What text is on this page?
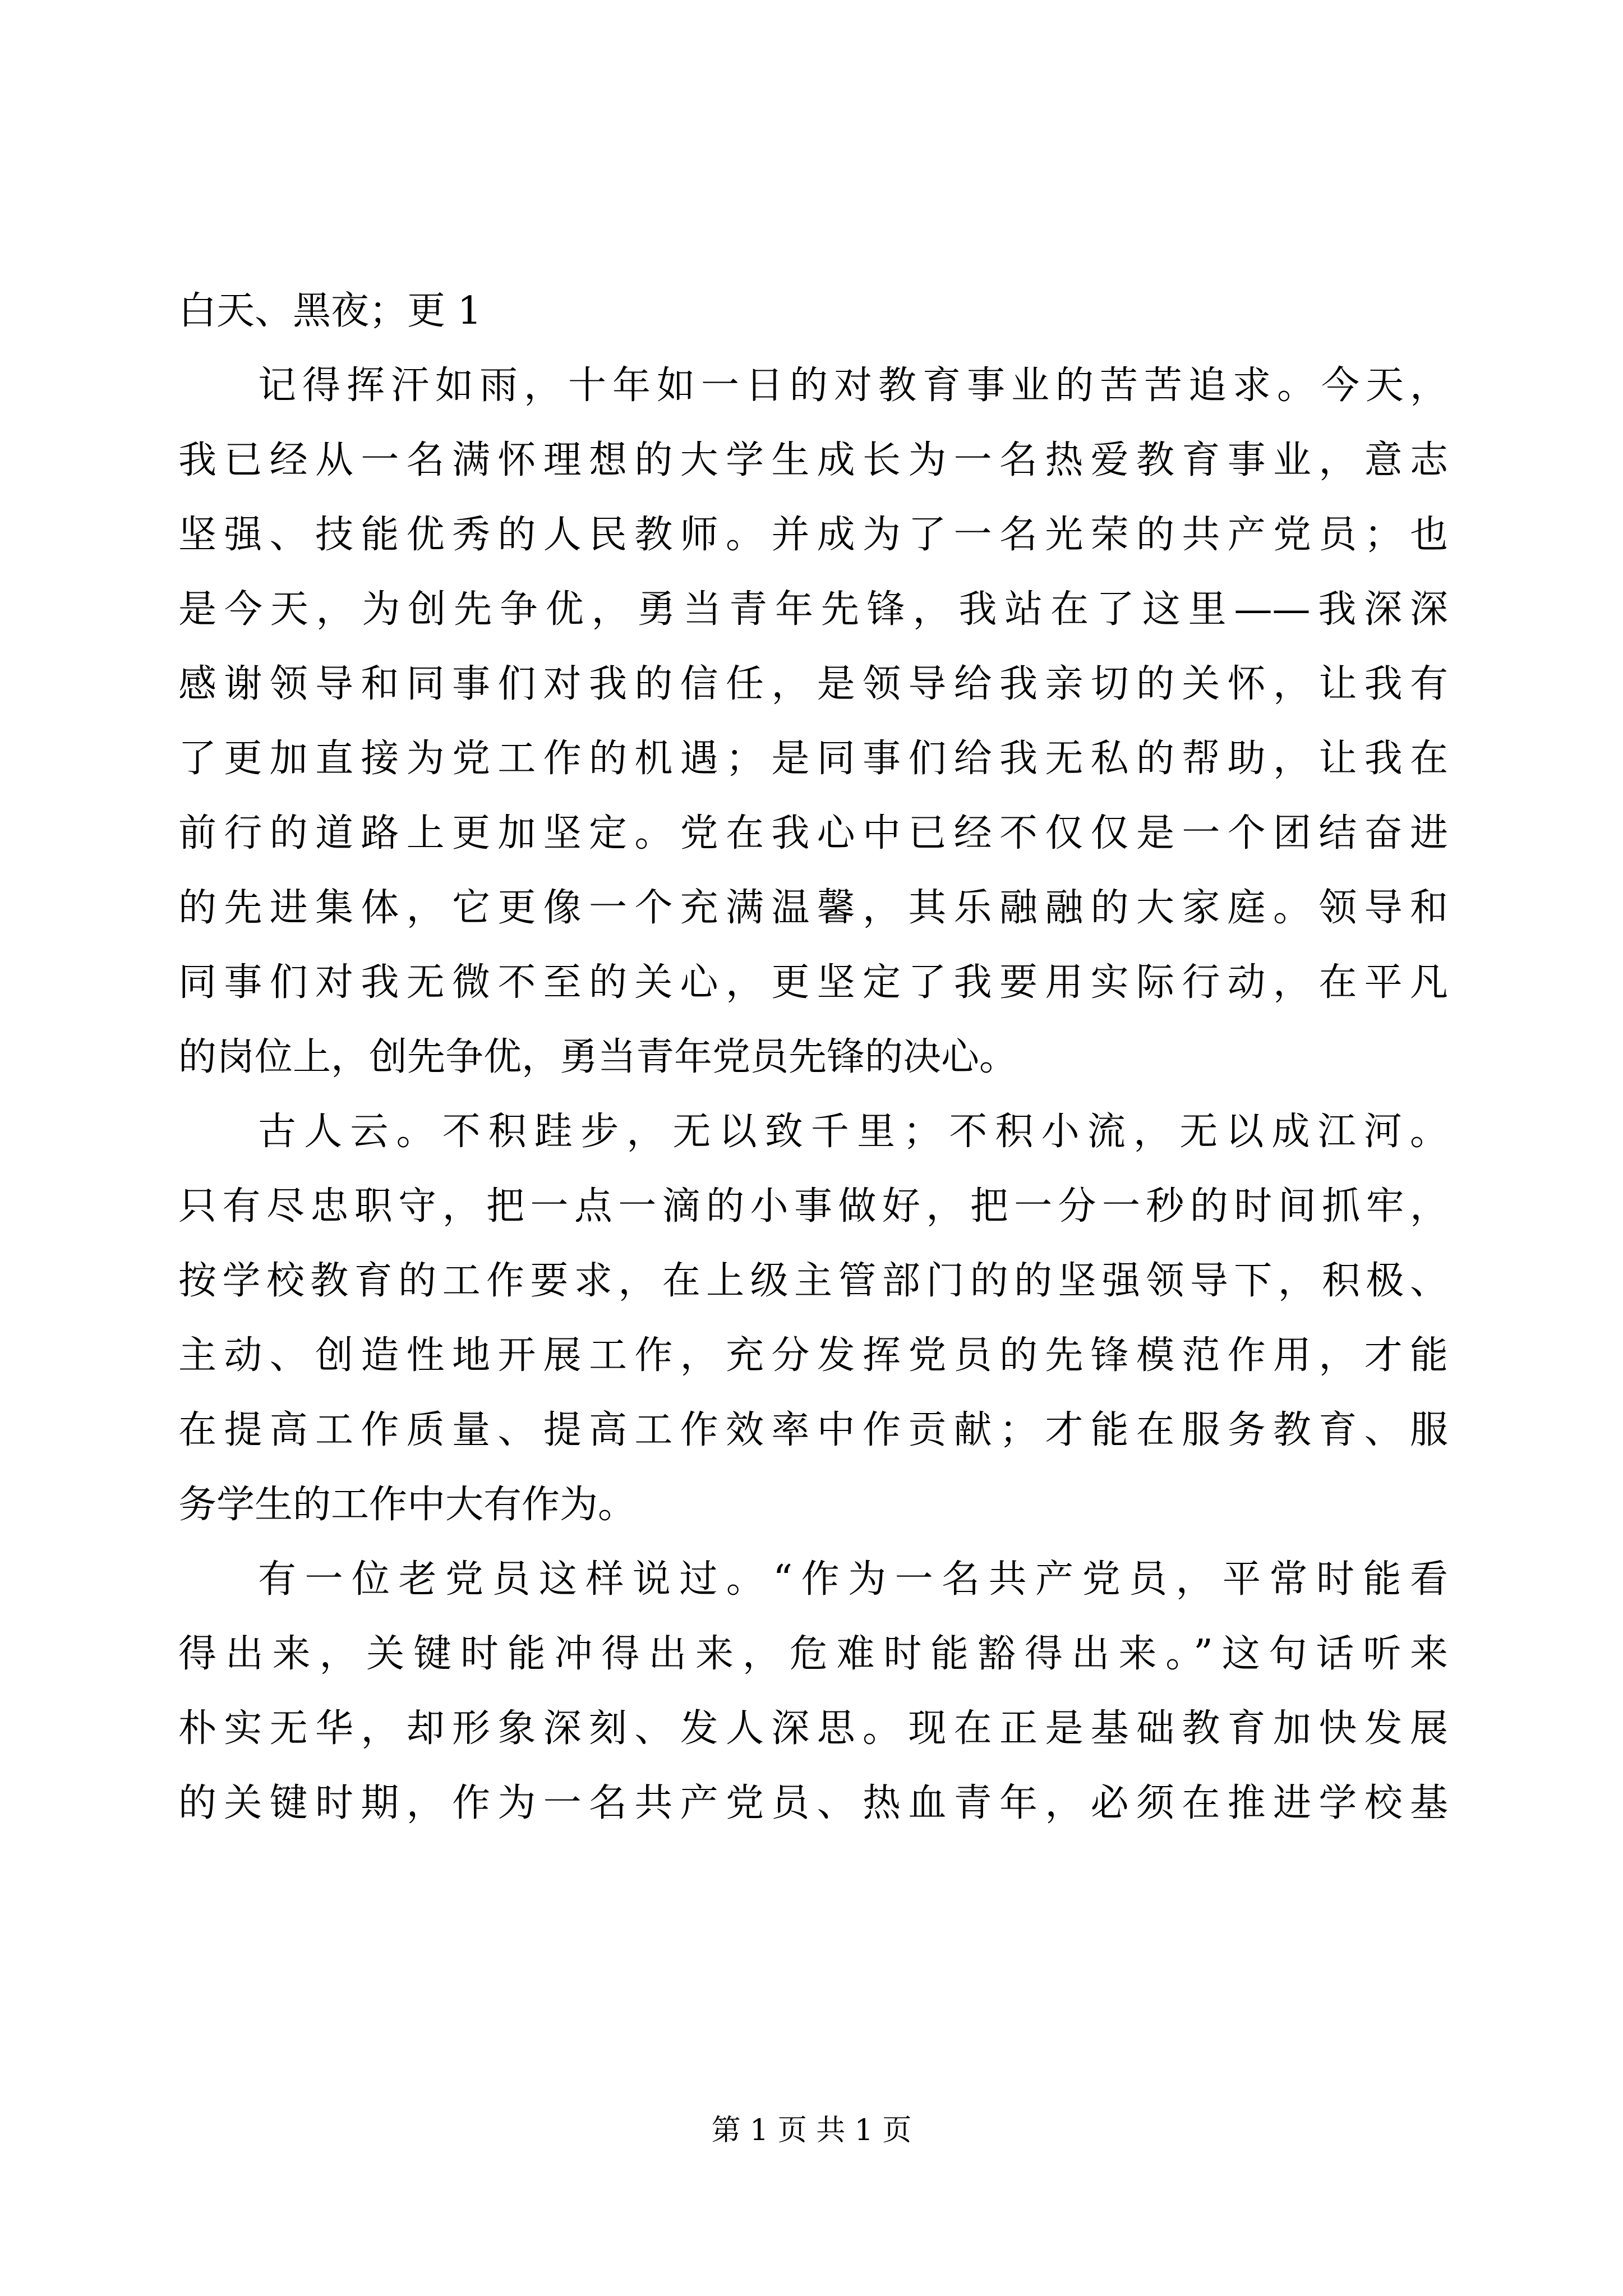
白天、黑夜；更 1
记得挥汗如雨，十年如一日的对教育事业的苦苦追求。今天，
我已经从一名满怀理想的大学生成长为一名热爱教育事业，意志
坚强、技能优秀的人民教师。并成为了一名光荣的共产党员；也
是今天，为创先争优，勇当青年先锋，我站在了这里——我深深
感谢领导和同事们对我的信任，是领导给我亲切的关怀，让我有
了更加直接为党工作的机遇；是同事们给我无私的帮助，让我在
前行的道路上更加坚定。党在我心中已经不仅仅是一个团结奋进
的先进集体，它更像一个充满温馨，其乐融融的大家庭。领导和
同事们对我无微不至的关心，更坚定了我要用实际行动，在平凡
的岗位上，创先争优，勇当青年党员先锋的决心。
古人云。不积跬步，无以致千里；不积小流，无以成江河。
只有尽忠职守，把一点一滴的小事做好，把一分一秒的时间抓牢，
按学校教育的工作要求，在上级主管部门的的坚强领导下，积极、
主动、创造性地开展工作，充分发挥党员的先锋模范作用，才能
在提高工作质量、提高工作效率中作贡献；才能在服务教育、服
务学生的工作中大有作为。
有一位老党员这样说过。“作为一名共产党员，平常时能看
得出来，关键时能冲得出来，危难时能豁得出来。”这句话听来
朴实无华，却形象深刻、发人深思。现在正是基础教育加快发展
的关键时期，作为一名共产党员、热血青年，必须在推进学校基
第 1 页 共 1 页
